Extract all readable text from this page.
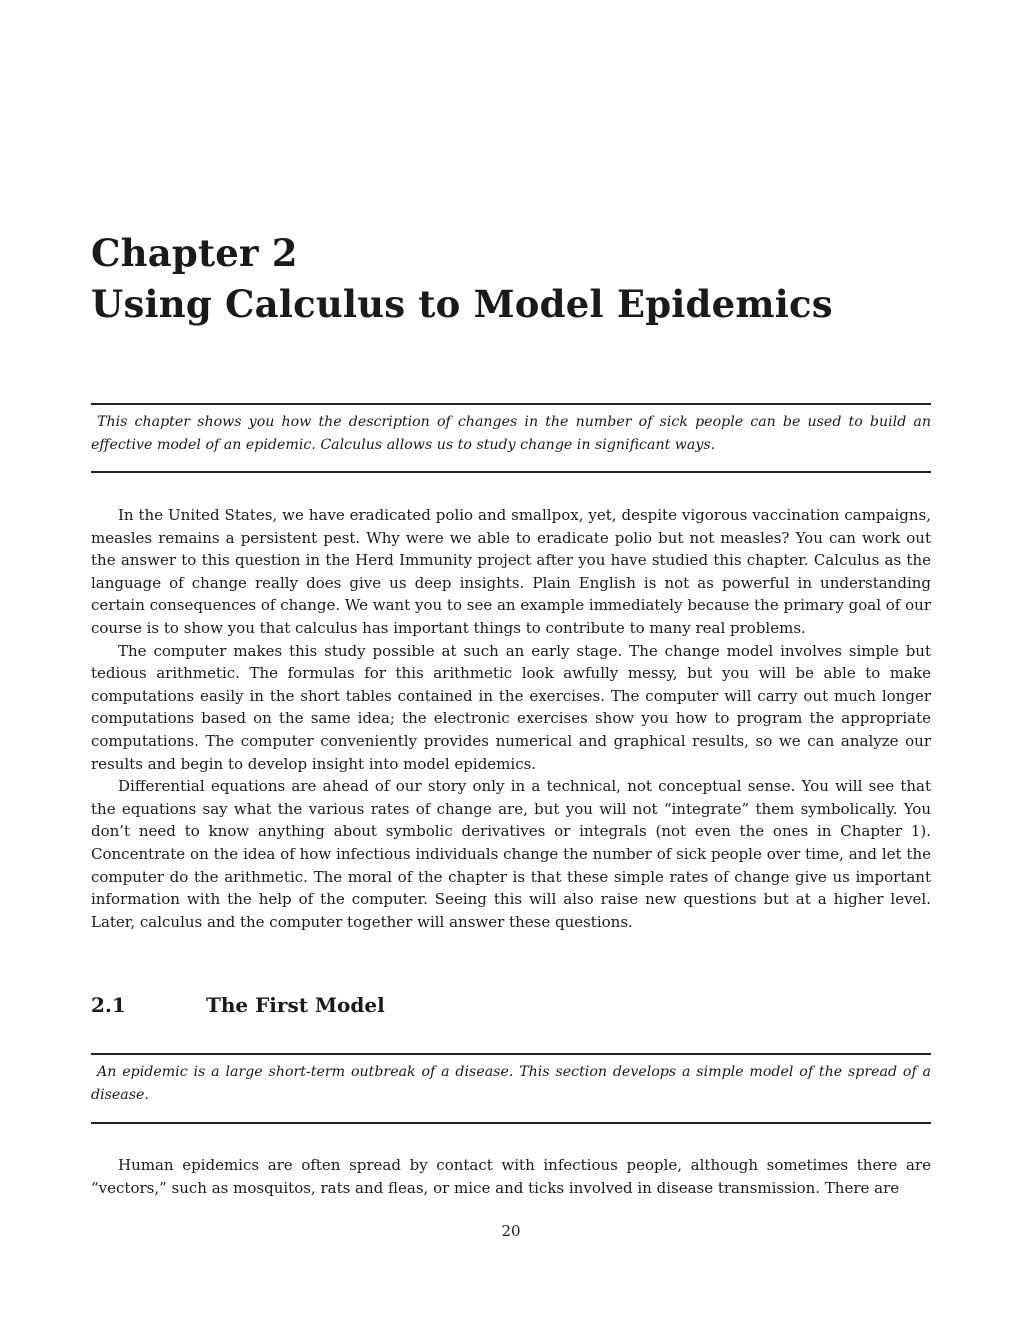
Chapter 2
Using Calculus to Model Epidemics

This chapter shows you how the description of changes in the number of sick people can be used to build an effective model of an epidemic. Calculus allows us to study change in significant ways.

In the United States, we have eradicated polio and smallpox, yet, despite vigorous vaccination campaigns, measles remains a persistent pest. Why were we able to eradicate polio but not measles? You can work out the answer to this question in the Herd Immunity project after you have studied this chapter. Calculus as the language of change really does give us deep insights. Plain English is not as powerful in understanding certain consequences of change. We want you to see an example immediately because the primary goal of our course is to show you that calculus has important things to contribute to many real problems.

The computer makes this study possible at such an early stage. The change model involves simple but tedious arithmetic. The formulas for this arithmetic look awfully messy, but you will be able to make computations easily in the short tables contained in the exercises. The computer will carry out much longer computations based on the same idea; the electronic exercises show you how to program the appropriate computations. The computer conveniently provides numerical and graphical results, so we can analyze our results and begin to develop insight into model epidemics.

Differential equations are ahead of our story only in a technical, not conceptual sense. You will see that the equations say what the various rates of change are, but you will not “integrate” them symbolically. You don’t need to know anything about symbolic derivatives or integrals (not even the ones in Chapter 1). Concentrate on the idea of how infectious individuals change the number of sick people over time, and let the computer do the arithmetic. The moral of the chapter is that these simple rates of change give us important information with the help of the computer. Seeing this will also raise new questions but at a higher level. Later, calculus and the computer together will answer these questions.

2.1	The First Model

An epidemic is a large short-term outbreak of a disease. This section develops a simple model of the spread of a disease.

Human epidemics are often spread by contact with infectious people, although sometimes there are “vectors,” such as mosquitos, rats and fleas, or mice and ticks involved in disease transmission. There are

20
